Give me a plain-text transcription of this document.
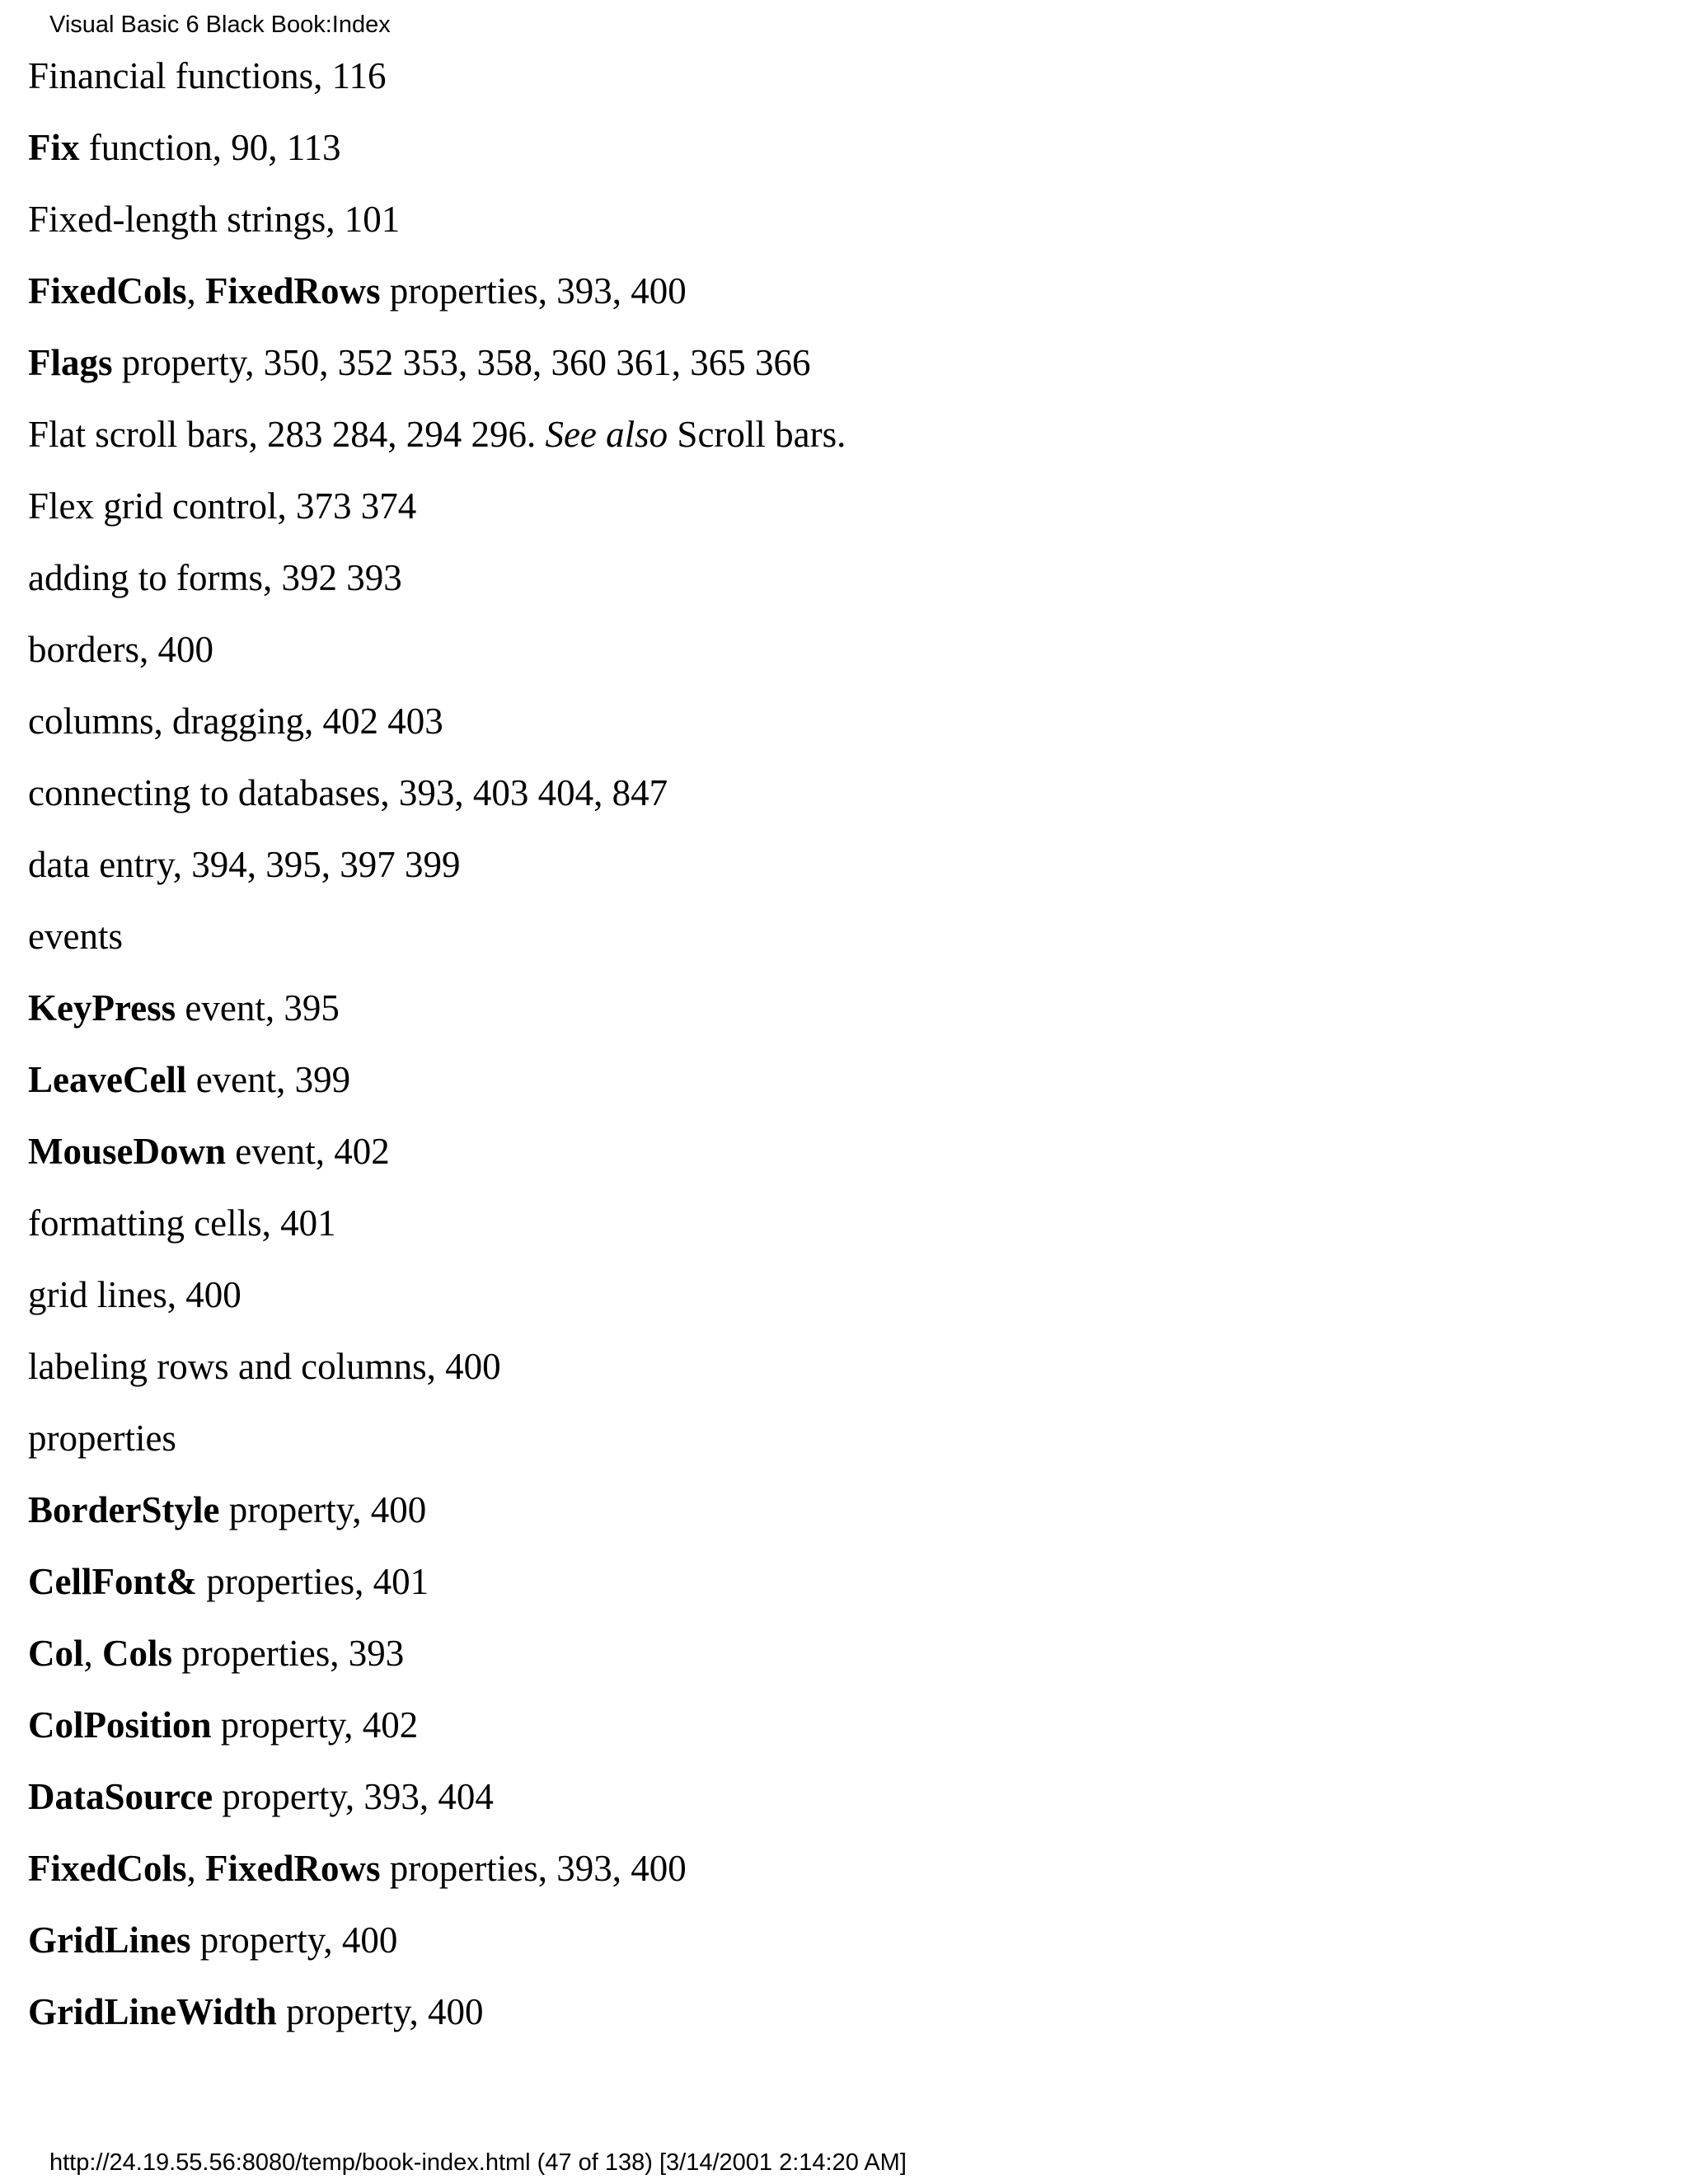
Visual Basic 6 Black Book:Index
Financial functions, 116
Fix function, 90, 113
Fixed-length strings, 101
FixedCols, FixedRows properties, 393, 400
Flags property, 350, 352 353, 358, 360 361, 365 366
Flat scroll bars, 283 284, 294 296. See also Scroll bars.
Flex grid control, 373 374
adding to forms, 392 393
borders, 400
columns, dragging, 402 403
connecting to databases, 393, 403 404, 847
data entry, 394, 395, 397 399
events
KeyPress event, 395
LeaveCell event, 399
MouseDown event, 402
formatting cells, 401
grid lines, 400
labeling rows and columns, 400
properties
BorderStyle property, 400
CellFont& properties, 401
Col, Cols properties, 393
ColPosition property, 402
DataSource property, 393, 404
FixedCols, FixedRows properties, 393, 400
GridLines property, 400
GridLineWidth property, 400
http://24.19.55.56:8080/temp/book-index.html (47 of 138) [3/14/2001 2:14:20 AM]
